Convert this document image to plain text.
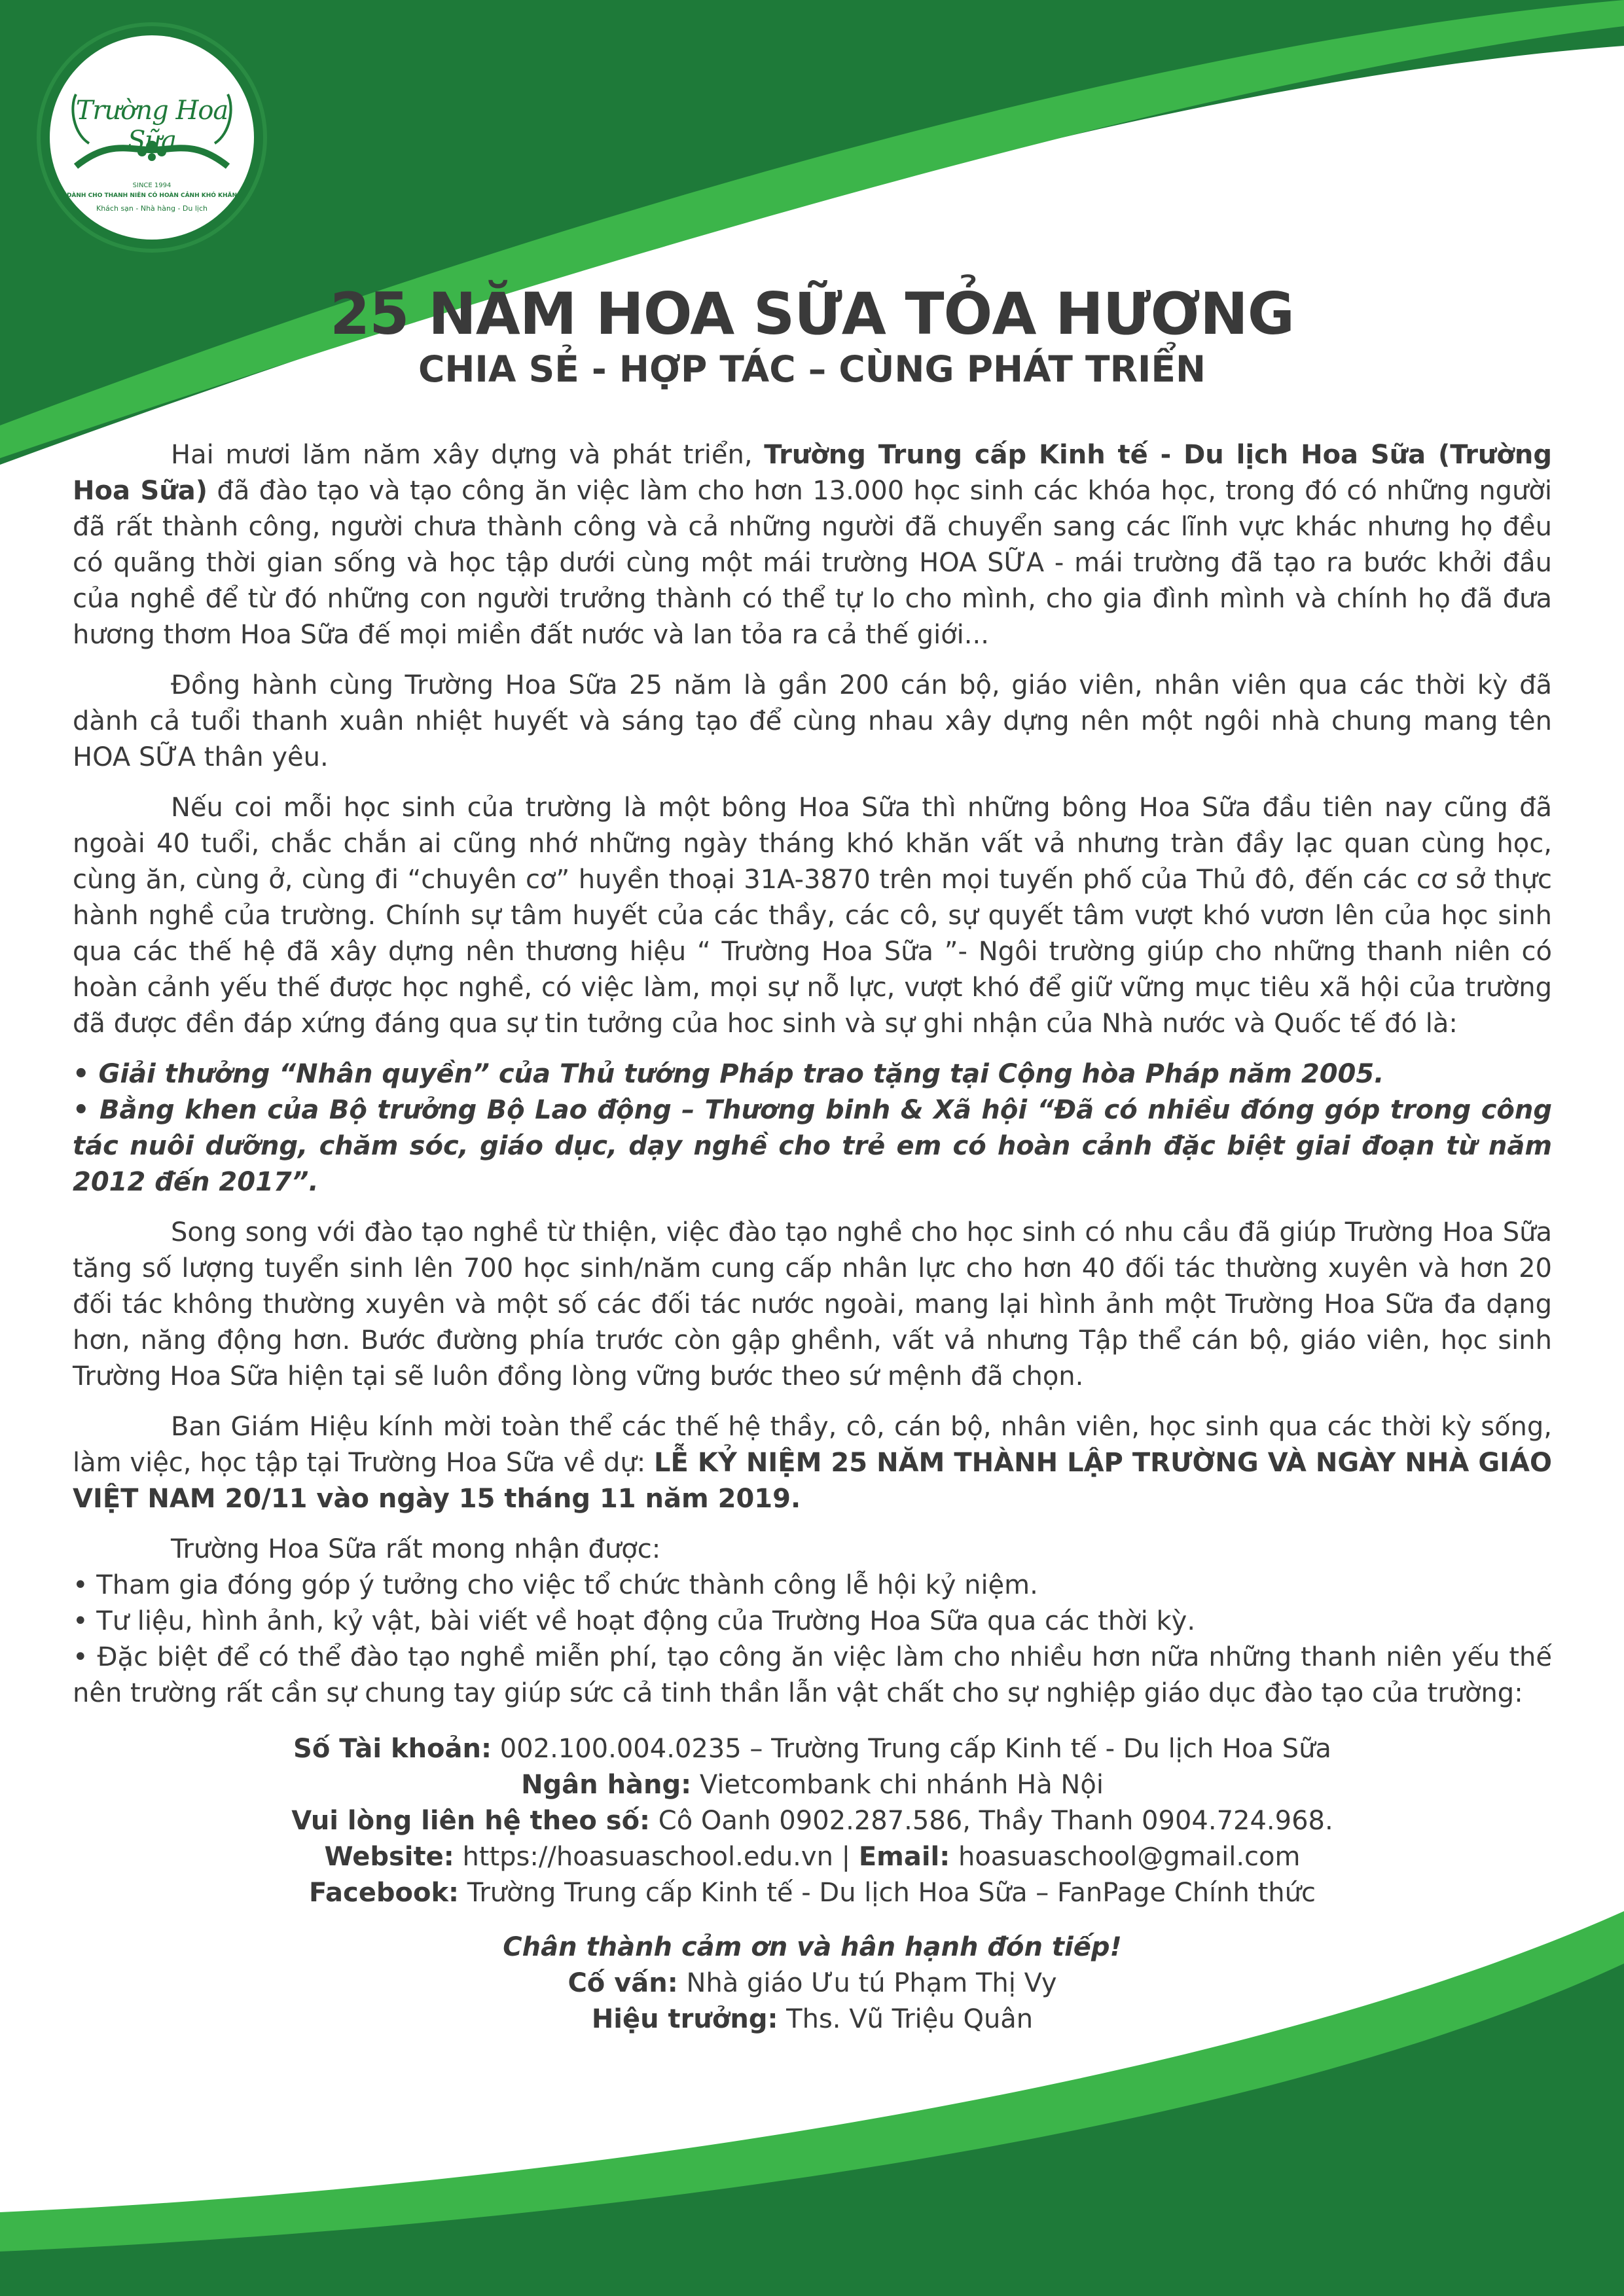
Trường Hoa Sữa
SINCE 1994
DÀNH CHO THANH NIÊN CÓ HOÀN CẢNH KHÓ KHĂN
Khách sạn - Nhà hàng - Du lịch
25 NĂM HOA SỮA TỎA HƯƠNG
CHIA SẺ - HỢP TÁC – CÙNG PHÁT TRIỂN

Hai mươi lăm năm xây dựng và phát triển, Trường Trung cấp Kinh tế - Du lịch Hoa Sữa (Trường Hoa Sữa) đã đào tạo và tạo công ăn việc làm cho hơn 13.000 học sinh các khóa học, trong đó có những người đã rất thành công, người chưa thành công và cả những người đã chuyển sang các lĩnh vực khác nhưng họ đều có quãng thời gian sống và học tập dưới cùng một mái trường HOA SỮA - mái trường đã tạo ra bước khởi đầu của nghề để từ đó những con người trưởng thành có thể tự lo cho mình, cho gia đình mình và chính họ đã đưa hương thơm Hoa Sữa đế mọi miền đất nước và lan tỏa ra cả thế giới...

Đồng hành cùng Trường Hoa Sữa 25 năm là gần 200 cán bộ, giáo viên, nhân viên qua các thời kỳ đã dành cả tuổi thanh xuân nhiệt huyết và sáng tạo để cùng nhau xây dựng nên một ngôi nhà chung mang tên HOA SỮA thân yêu.

Nếu coi mỗi học sinh của trường là một bông Hoa Sữa thì những bông Hoa Sữa đầu tiên nay cũng đã ngoài 40 tuổi, chắc chắn ai cũng nhớ những ngày tháng khó khăn vất vả nhưng tràn đầy lạc quan cùng học, cùng ăn, cùng ở, cùng đi “chuyên cơ” huyền thoại 31A-3870 trên mọi tuyến phố của Thủ đô, đến các cơ sở thực hành nghề của trường. Chính sự tâm huyết của các thầy, các cô, sự quyết tâm vượt khó vươn lên của học sinh qua các thế hệ đã xây dựng nên thương hiệu “ Trường Hoa Sữa ”- Ngôi trường giúp cho những thanh niên có hoàn cảnh yếu thế được học nghề, có việc làm, mọi sự nỗ lực, vượt khó để giữ vững mục tiêu xã hội của trường đã được đền đáp xứng đáng qua sự tin tưởng của hoc sinh và sự ghi nhận của Nhà nước và Quốc tế đó là:

• Giải thưởng “Nhân quyền” của Thủ tướng Pháp trao tặng tại Cộng hòa Pháp năm 2005.
• Bằng khen của Bộ trưởng Bộ Lao động – Thương binh & Xã hội “Đã có nhiều đóng góp trong công tác nuôi dưỡng, chăm sóc, giáo dục, dạy nghề cho trẻ em có hoàn cảnh đặc biệt giai đoạn từ năm 2012 đến 2017”.

Song song với đào tạo nghề từ thiện, việc đào tạo nghề cho học sinh có nhu cầu đã giúp Trường Hoa Sữa tăng số lượng tuyển sinh lên 700 học sinh/năm cung cấp nhân lực cho hơn 40 đối tác thường xuyên và hơn 20 đối tác không thường xuyên và một số các đối tác nước ngoài, mang lại hình ảnh một Trường Hoa Sữa đa dạng hơn, năng động hơn. Bước đường phía trước còn gập ghềnh, vất vả nhưng Tập thể cán bộ, giáo viên, học sinh Trường Hoa Sữa hiện tại sẽ luôn đồng lòng vững bước theo sứ mệnh đã chọn.

Ban Giám Hiệu kính mời toàn thể các thế hệ thầy, cô, cán bộ, nhân viên, học sinh qua các thời kỳ sống, làm việc, học tập tại Trường Hoa Sữa về dự: LỄ KỶ NIỆM 25 NĂM THÀNH LẬP TRƯỜNG VÀ NGÀY NHÀ GIÁO VIỆT NAM 20/11 vào ngày 15 tháng 11 năm 2019.

Trường Hoa Sữa rất mong nhận được:
• Tham gia đóng góp ý tưởng cho việc tổ chức thành công lễ hội kỷ niệm.
• Tư liệu, hình ảnh, kỷ vật, bài viết về hoạt động của Trường Hoa Sữa qua các thời kỳ.
• Đặc biệt để có thể đào tạo nghề miễn phí, tạo công ăn việc làm cho nhiều hơn nữa những thanh niên yếu thế nên trường rất cần sự chung tay giúp sức cả tinh thần lẫn vật chất cho sự nghiệp giáo dục đào tạo của trường:
Số Tài khoản: 002.100.004.0235 – Trường Trung cấp Kinh tế - Du lịch Hoa Sữa
Ngân hàng: Vietcombank chi nhánh Hà Nội
Vui lòng liên hệ theo số: Cô Oanh 0902.287.586, Thầy Thanh 0904.724.968.
Website: https://hoasuaschool.edu.vn | Email: hoasuaschool@gmail.com
Facebook: Trường Trung cấp Kinh tế - Du lịch Hoa Sữa – FanPage Chính thức
Chân thành cảm ơn và hân hạnh đón tiếp!
Cố vấn: Nhà giáo Ưu tú Phạm Thị Vy
Hiệu trưởng: Ths. Vũ Triệu Quân
